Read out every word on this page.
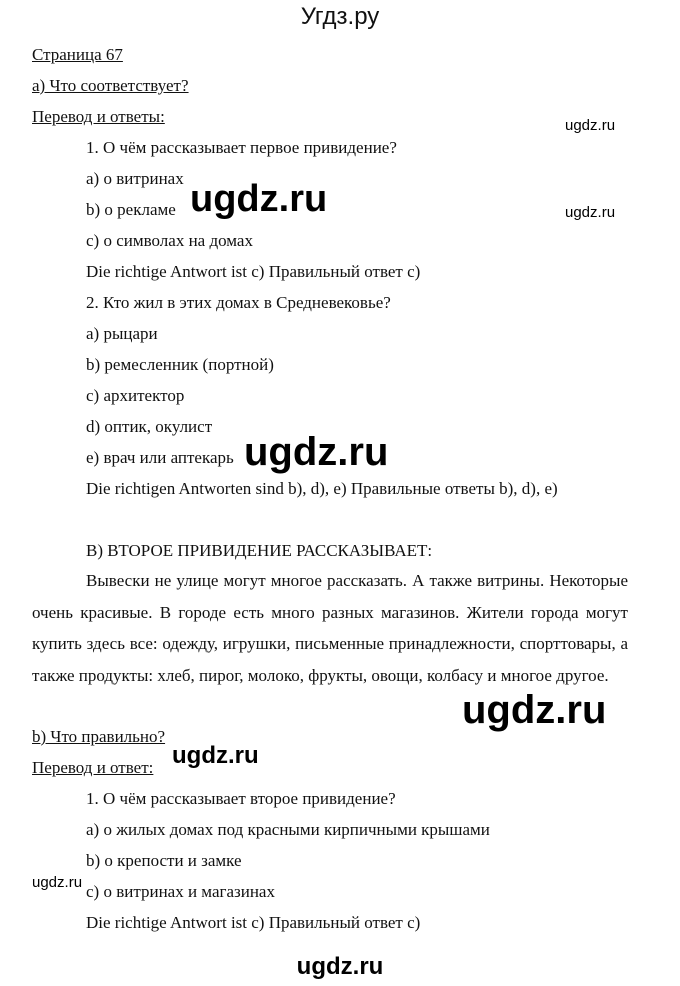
Угдз.ру
Страница 67
а) Что соответствует?
Перевод и ответы:
1. О чём рассказывает первое привидение?
а) о витринах
b) о рекламе
с) о символах на домах
Die richtige Antwort ist c) Правильный ответ с)
2. Кто жил в этих домах в Средневековье?
а) рыцари
b) ремесленник (портной)
с) архитектор
d) оптик, окулист
е) врач или аптекарь
Die richtigen Antworten sind b), d), e) Правильные ответы b), d), e)
В) ВТОРОЕ ПРИВИДЕНИЕ РАССКАЗЫВАЕТ:
Вывески не улице могут многое рассказать. А также витрины. Некоторые очень красивые. В городе есть много разных магазинов. Жители города могут купить здесь все: одежду, игрушки, письменные принадлежности, спорттовары, а также продукты: хлеб, пирог, молоко, фрукты, овощи, колбасу и многое другое.
b) Что правильно?
Перевод и ответ:
1. О чём рассказывает второе привидение?
а) о жилых домах под красными кирпичными крышами
b) о крепости и замке
с) о витринах и магазинах
Die richtige Antwort ist c) Правильный ответ с)
ugdz.ru
ugdz.ru	ugdz.ru
ugdz.ru
ugdz.ru
ugdz.ru
ugdz.ru
ugdz.ru
